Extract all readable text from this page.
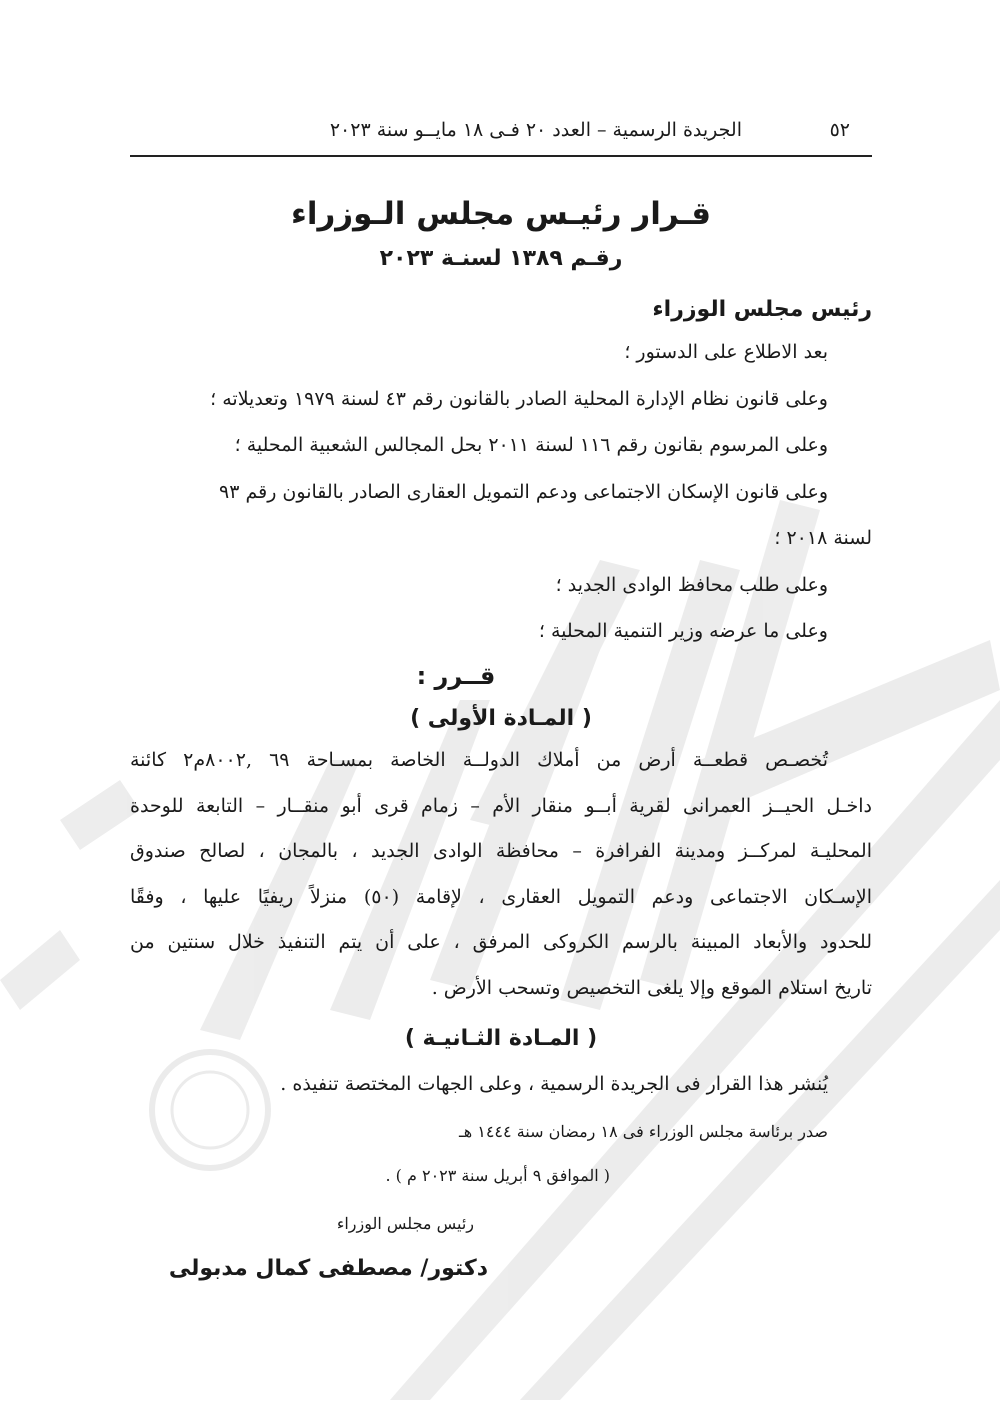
٥٢
الجريدة الرسمية – العدد ٢٠ فـى ١٨ مايــو سنة ٢٠٢٣
قـرار رئيـس مجلس الـوزراء
رقـم ١٣٨٩ لسنـة ٢٠٢٣
رئيس مجلس الوزراء
بعد الاطلاع على الدستور ؛
وعلى قانون نظام الإدارة المحلية الصادر بالقانون رقم ٤٣ لسنة ١٩٧٩ وتعديلاته ؛
وعلى المرسوم بقانون رقم ١١٦ لسنة ٢٠١١ بحل المجالس الشعبية المحلية ؛
وعلى قانون الإسكان الاجتماعى ودعم التمويل العقارى الصادر بالقانون رقم ٩٣
لسنة ٢٠١٨ ؛
وعلى طلب محافظ الوادى الجديد ؛
وعلى ما عرضه وزير التنمية المحلية ؛
قــرر :
( المـادة الأولى )
تُخصـص قطعــة أرض من أملاك الدولــة الخاصة بمسـاحة ٦٩ ,٨٠٠٢م٢ كائنة
داخـل الحيــز العمرانى لقرية أبــو منقار الأم – زمام قرى أبو منقــار – التابعة للوحدة
المحليـة لمركــز ومدينة الفرافرة – محافظة الوادى الجديد ، بالمجان ، لصالح صندوق
الإسـكان الاجتماعى ودعم التمويل العقارى ، لإقامة (٥٠) منزلاً ريفيًا عليها ، وفقًا
للحدود والأبعاد المبينة بالرسم الكروكى المرفق ، على أن يتم التنفيذ خلال سنتين من
تاريخ استلام الموقع وإلا يلغى التخصيص وتسحب الأرض .
( المـادة الثـانيـة )
يُنشر هذا القرار فى الجريدة الرسمية ، وعلى الجهات المختصة تنفيذه .
صدر برئاسة مجلس الوزراء فى ١٨ رمضان سنة ١٤٤٤ هـ
( الموافق ٩ أبريل سنة ٢٠٢٣ م ) .
رئيس مجلس الوزراء
دكتور/ مصطفى كمال مدبولى
